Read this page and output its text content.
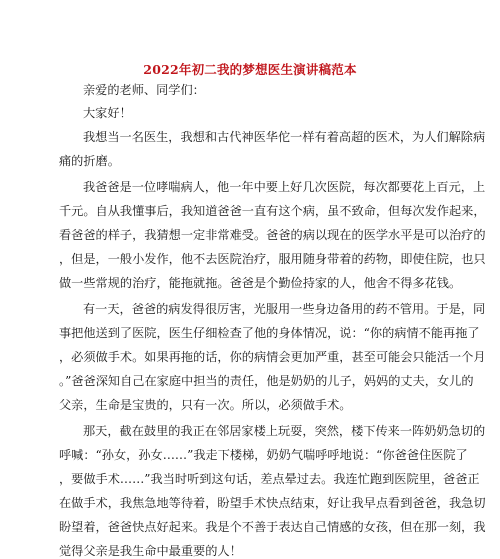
2022年初二我的梦想医生演讲稿范本
亲爱的老师、同学们：
大家好！
我想当一名医生，我想和古代神医华佗一样有着高超的医术，为人们解除病
痛的折磨。
我爸爸是一位哮喘病人，他一年中要上好几次医院，每次都要花上百元，上
千元。自从我懂事后，我知道爸爸一直有这个病，虽不致命，但每次发作起来，
看爸爸的样子，我猜想一定非常难受。爸爸的病以现在的医学水平是可以治疗的
，但是，一般小发作，他不去医院治疗，服用随身带着的药物，即使住院，也只
做一些常规的治疗，能拖就拖。爸爸是个勤俭持家的人，他舍不得多花钱。
有一天，爸爸的病发得很厉害，光服用一些身边备用的药不管用。于是，同
事把他送到了医院，医生仔细检查了他的身体情况，说：“你的病情不能再拖了
，必须做手术。如果再拖的话，你的病情会更加严重，甚至可能会只能活一个月
。”爸爸深知自己在家庭中担当的责任，他是奶奶的儿子，妈妈的丈夫，女儿的
父亲，生命是宝贵的，只有一次。所以，必须做手术。
那天，截在鼓里的我正在邻居家楼上玩耍，突然，楼下传来一阵奶奶急切的
呼喊：“孙女，孙女……”我走下楼梯，奶奶气喘呼呼地说：“你爸爸住医院了
，要做手术……”我当时听到这句话，差点晕过去。我连忙跑到医院里，爸爸正
在做手术，我焦急地等待着，盼望手术快点结束，好让我早点看到爸爸，我急切
盼望着，爸爸快点好起来。我是个不善于表达自己情感的女孩，但在那一刻，我
觉得父亲是我生命中最重要的人！
